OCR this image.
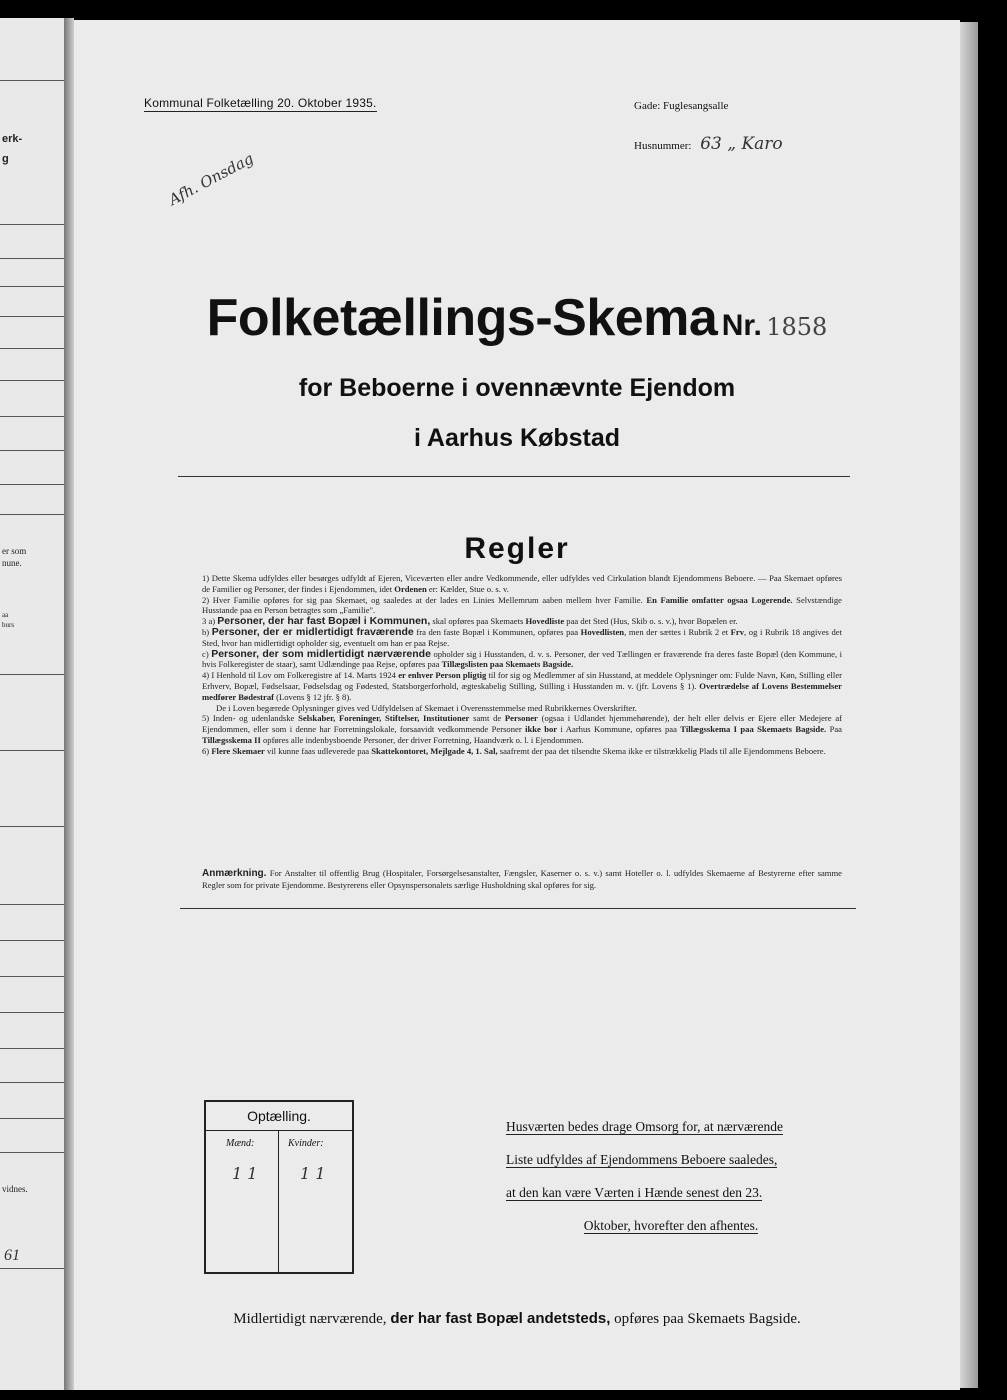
erk-
g
er som
nune.
aa
burs
vidnes.
61
Kommunal Folketælling 20. Oktober 1935.	Gade: Fuglesangsalle
Husnummer: 63 „ Karo
Afh. Onsdag
Folketællings-Skema Nr. 1858
for Beboerne i ovennævnte Ejendom
i Aarhus Købstad
Regler

1) Dette Skema udfyldes eller besørges udfyldt af Ejeren, Viceværten eller andre Vedkommende, eller udfyldes ved Cirkulation blandt Ejendommens Beboere. — Paa Skemaet opføres de Familier og Personer, der findes i Ejendommen, idet Ordenen er: Kælder, Stue o. s. v.

2) Hver Familie opføres for sig paa Skemaet, og saaledes at der lades en Linies Mellemrum aaben mellem hver Familie. En Familie omfatter ogsaa Logerende. Selvstændige Husstande paa en Person betragtes som „Familie".

3 a) Personer, der har fast Bopæl i Kommunen, skal opføres paa Skemaets Hovedliste paa det Sted (Hus, Skib o. s. v.), hvor Bopælen er.

b) Personer, der er midlertidigt fraværende fra den faste Bopæl i Kommunen, opføres paa Hovedlisten, men der sættes i Rubrik 2 et Frv, og i Rubrik 18 angives det Sted, hvor han midlertidigt opholder sig, eventuelt om han er paa Rejse.

c) Personer, der som midlertidigt nærværende opholder sig i Husstanden, d. v. s. Personer, der ved Tællingen er fraværende fra deres faste Bopæl (den Kommune, i hvis Folkeregister de staar), samt Udlændinge paa Rejse, opføres paa Tillægslisten paa Skemaets Bagside.

4) I Henhold til Lov om Folkeregistre af 14. Marts 1924 er enhver Person pligtig til for sig og Medlemmer af sin Husstand, at meddele Oplysninger om: Fulde Navn, Køn, Stilling eller Erhverv, Bopæl, Fødselsaar, Fødselsdag og Fødested, Statsborgerforhold, ægteskabelig Stilling, Stilling i Husstanden m. v. (jfr. Lovens § 1). Overtrædelse af Lovens Bestemmelser medfører Bødestraf (Lovens § 12 jfr. § 8).

De i Loven begærede Oplysninger gives ved Udfyldelsen af Skemaet i Overensstemmelse med Rubrikkernes Overskrifter.

5) Inden- og udenlandske Selskaber, Foreninger, Stiftelser, Institutioner samt de Personer (ogsaa i Udlandet hjemmehørende), der helt eller delvis er Ejere eller Medejere af Ejendommen, eller som i denne har Forretningslokale, forsaavidt vedkommende Personer ikke bor i Aarhus Kommune, opføres paa Tillægsskema I paa Skemaets Bagside. Paa Tillægsskema II opføres alle indenbysboende Personer, der driver Forretning, Haandværk o. l. i Ejendommen.

6) Flere Skemaer vil kunne faas udleverede paa Skattekontoret, Mejlgade 4, 1. Sal, saafremt der paa det tilsendte Skema ikke er tilstrækkelig Plads til alle Ejendommens Beboere.

Anmærkning. For Anstalter til offentlig Brug (Hospitaler, Forsørgelsesanstalter, Fængsler, Kaserner o. s. v.) samt Hoteller o. l. udfyldes Skemaerne af Bestyrerne efter samme Regler som for private Ejendomme. Bestyrerens eller Opsynspersonalets særlige Husholdning skal opføres for sig.
Optælling.
Mænd:	Kvinder:
1 1	1 1
Husværten bedes drage Omsorg for, at nærværende
Liste udfyldes af Ejendommens Beboere saaledes,
at den kan være Værten i Hænde senest den 23.
Oktober, hvorefter den afhentes.
Midlertidigt nærværende, der har fast Bopæl andetsteds, opføres paa Skemaets Bagside.
